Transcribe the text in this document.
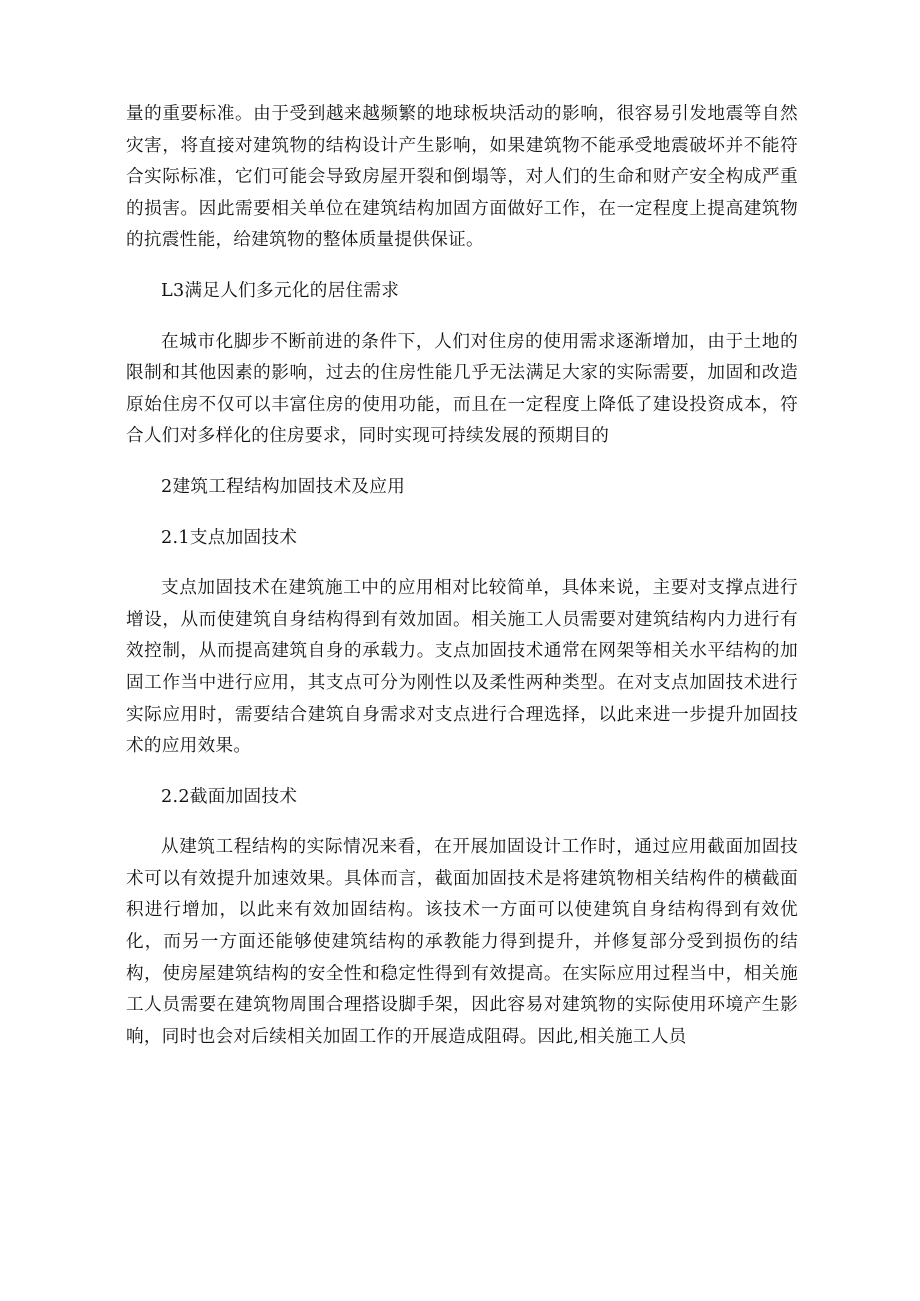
量的重要标准。由于受到越来越频繁的地球板块活动的影响，很容易引发地震等自然灾害，将直接对建筑物的结构设计产生影响，如果建筑物不能承受地震破坏并不能符合实际标准，它们可能会导致房屋开裂和倒塌等，对人们的生命和财产安全构成严重的损害。因此需要相关单位在建筑结构加固方面做好工作，在一定程度上提高建筑物的抗震性能，给建筑物的整体质量提供保证。

L3满足人们多元化的居住需求

在城市化脚步不断前进的条件下，人们对住房的使用需求逐渐增加，由于土地的限制和其他因素的影响，过去的住房性能几乎无法满足大家的实际需要，加固和改造原始住房不仅可以丰富住房的使用功能，而且在一定程度上降低了建设投资成本，符合人们对多样化的住房要求，同时实现可持续发展的预期目的

2建筑工程结构加固技术及应用

2.1支点加固技术

支点加固技术在建筑施工中的应用相对比较简单，具体来说，主要对支撑点进行增设，从而使建筑自身结构得到有效加固。相关施工人员需要对建筑结构内力进行有效控制，从而提高建筑自身的承载力。支点加固技术通常在网架等相关水平结构的加固工作当中进行应用，其支点可分为刚性以及柔性两种类型。在对支点加固技术进行实际应用时，需要结合建筑自身需求对支点进行合理选择，以此来进一步提升加固技术的应用效果。

2.2截面加固技术

从建筑工程结构的实际情况来看，在开展加固设计工作时，通过应用截面加固技术可以有效提升加速效果。具体而言，截面加固技术是将建筑物相关结构件的横截面积进行增加，以此来有效加固结构。该技术一方面可以使建筑自身结构得到有效优化，而另一方面还能够使建筑结构的承教能力得到提升，并修复部分受到损伤的结构，使房屋建筑结构的安全性和稳定性得到有效提高。在实际应用过程当中，相关施工人员需要在建筑物周围合理搭设脚手架，因此容易对建筑物的实际使用环境产生影响，同时也会对后续相关加固工作的开展造成阻碍。因此,相关施工人员
